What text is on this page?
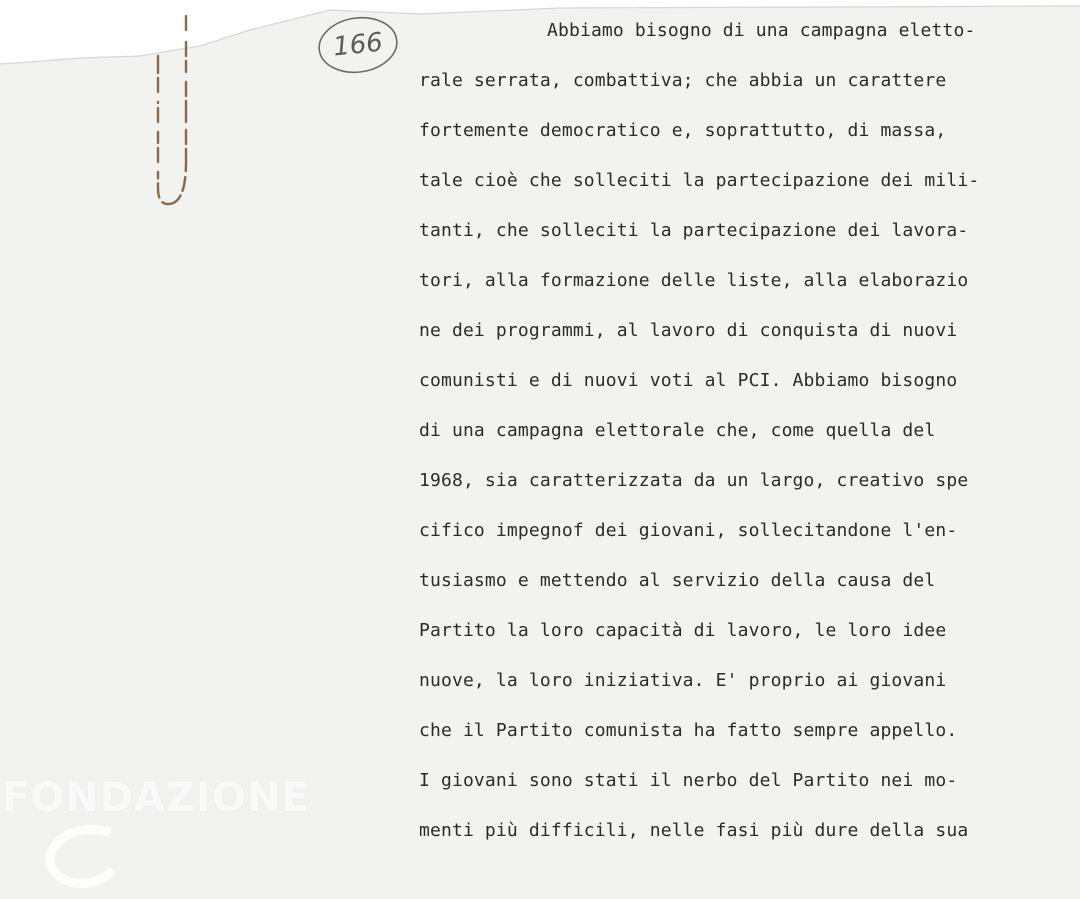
166
FONDAZIONE
Abbiamo bisogno di una campagna eletto-
rale serrata, combattiva; che abbia un carattere
fortemente democratico e, soprattutto, di massa,
tale cioè che solleciti la partecipazione dei mili-
tanti, che solleciti la partecipazione dei lavora-
tori, alla formazione delle liste, alla elaborazio
ne dei programmi, al lavoro di conquista di nuovi
comunisti e di nuovi voti al PCI. Abbiamo bisogno
di una campagna elettorale che, come quella del
1968, sia caratterizzata da un largo, creativo spe
cifico impegnof dei giovani, sollecitandone l'en-
tusiasmo e mettendo al servizio della causa del
Partito la loro capacità di lavoro, le loro idee
nuove, la loro iniziativa. E' proprio ai giovani
che il Partito comunista ha fatto sempre appello.
I giovani sono stati il nerbo del Partito nei mo-
menti più difficili, nelle fasi più dure della sua
